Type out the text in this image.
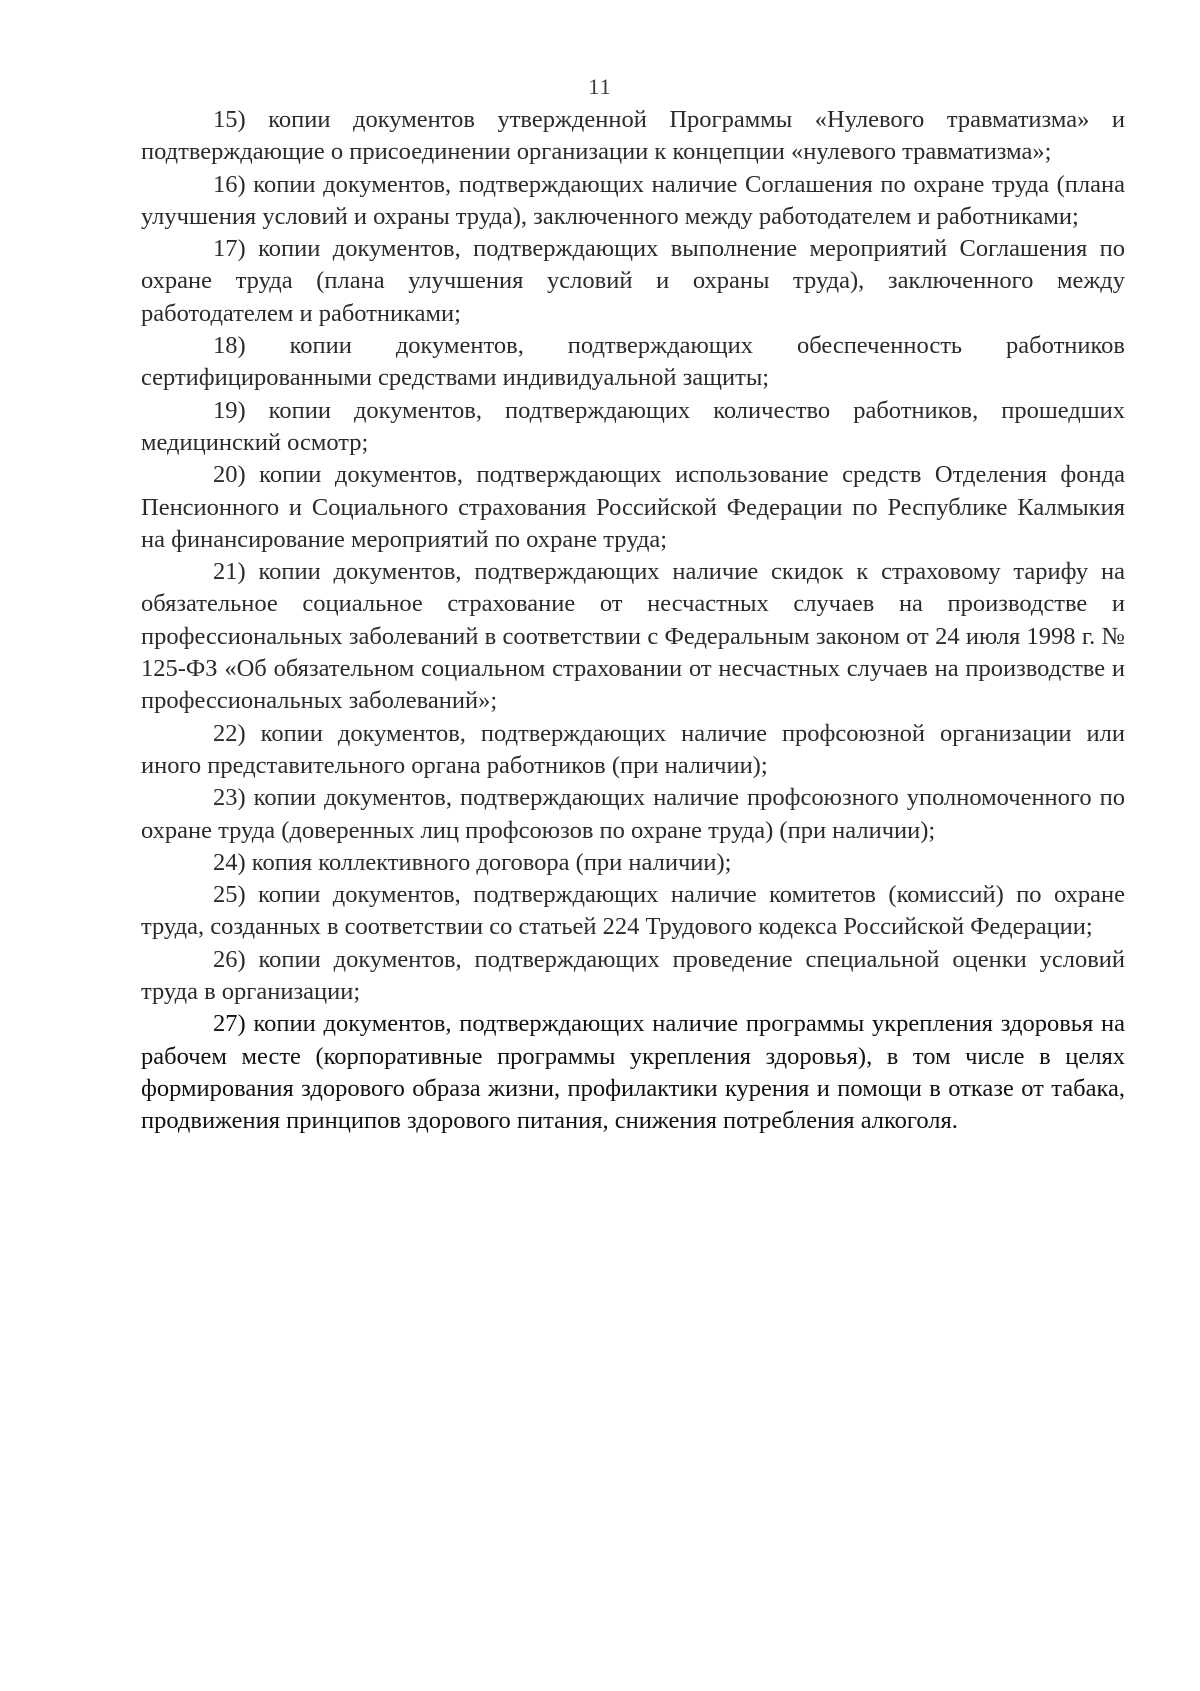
11

15) копии документов утвержденной Программы «Нулевого травматизма» и подтверждающие о присоединении организации к концепции «нулевого травматизма»;

16) копии документов, подтверждающих наличие Соглашения по охране труда (плана улучшения условий и охраны труда), заключенного между работодателем и работниками;

17) копии документов, подтверждающих выполнение мероприятий Соглашения по охране труда (плана улучшения условий и охраны труда), заключенного между работодателем и работниками;

18) копии документов, подтверждающих обеспеченность работников сертифицированными средствами индивидуальной защиты;

19) копии документов, подтверждающих количество работников, прошедших медицинский осмотр;

20) копии документов, подтверждающих использование средств Отделения фонда Пенсионного и Социального страхования Российской Федерации по Республике Калмыкия на финансирование мероприятий по охране труда;

21) копии документов, подтверждающих наличие скидок к страховому тарифу на обязательное социальное страхование от несчастных случаев на производстве и профессиональных заболеваний в соответствии с Федеральным законом от 24 июля 1998 г. № 125-ФЗ «Об обязательном социальном страховании от несчастных случаев на производстве и профессиональных заболеваний»;

22) копии документов, подтверждающих наличие профсоюзной организации или иного представительного органа работников (при наличии);

23) копии документов, подтверждающих наличие профсоюзного уполномоченного по охране труда (доверенных лиц профсоюзов по охране труда) (при наличии);

24) копия коллективного договора (при наличии);

25) копии документов, подтверждающих наличие комитетов (комиссий) по охране труда, созданных в соответствии со статьей 224 Трудового кодекса Российской Федерации;

26) копии документов, подтверждающих проведение специальной оценки условий труда в организации;

27) копии документов, подтверждающих наличие программы укрепления здоровья на рабочем месте (корпоративные программы укрепления здоровья), в том числе в целях формирования здорового образа жизни, профилактики курения и помощи в отказе от табака, продвижения принципов здорового питания, снижения потребления алкоголя.
